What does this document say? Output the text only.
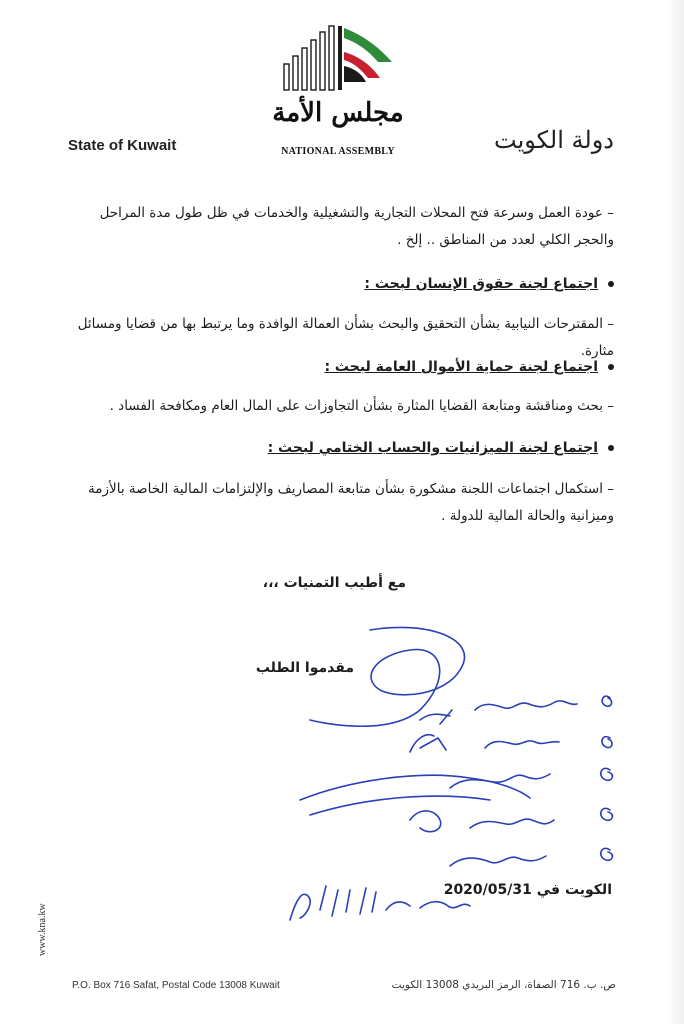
مجلس الأمة
NATIONAL ASSEMBLY
State of Kuwait	دولة الكويت
– عودة العمل وسرعة فتح المحلات التجارية والتشغيلية والخدمات في ظل طول مدة المراحل والحجر الكلي لعدد من المناطق .. إلخ .
اجتماع لجنة حقوق الإنسان لبحث :
– المقترحات النيابية بشأن التحقيق والبحث بشأن العمالة الوافدة وما يرتبط بها من قضايا ومسائل مثارة.
اجتماع لجنة حماية الأموال العامة لبحث :
– بحث ومناقشة ومتابعة القضايا المثارة بشأن التجاوزات على المال العام ومكافحة الفساد .
اجتماع لجنة الميزانيات والحساب الختامي لبحث :
– استكمال اجتماعات اللجنة مشكورة بشأن متابعة المصاريف والإلتزامات المالية الخاصة بالأزمة وميزانية والحالة المالية للدولة .
مع أطيب التمنيات ،،،
مقدموا الطلب
الكويت في 2020/05/31
www.kna.kw
P.O. Box 716 Safat, Postal Code 13008 Kuwait	ص. ب. 716 الصفاة، الرمز البريدي 13008 الكويت
